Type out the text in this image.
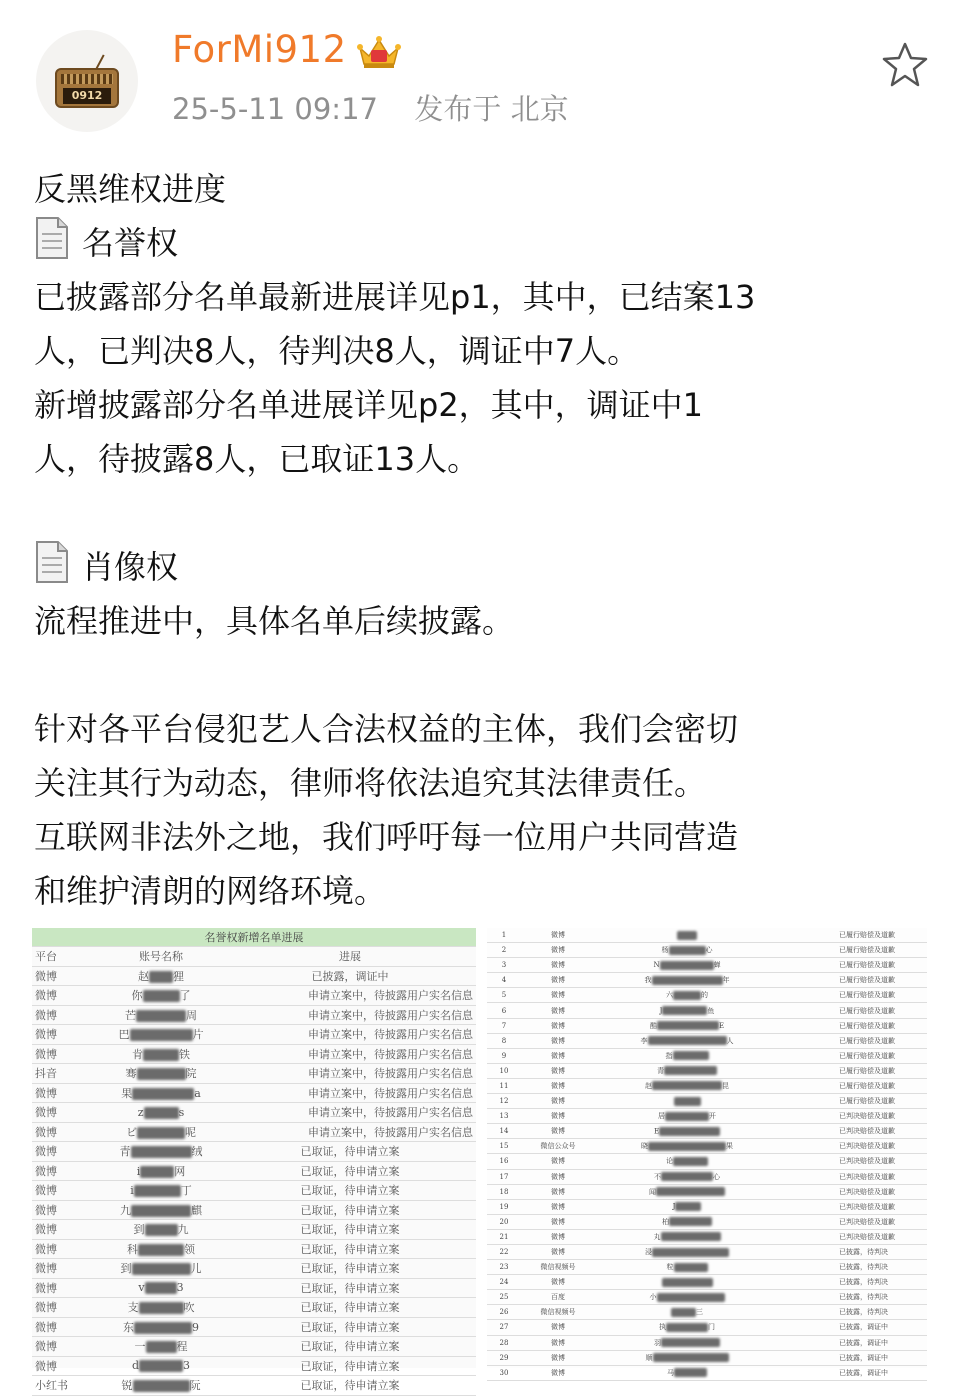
0912
ForMi912
25-5-11 09:17 发布于 北京

反黑维权进度

名誉权

已披露部分名单最新进展详见p1，其中，已结案13

人，已判决8人，待判决8人，调证中7人。

新增披露部分名单进展详见p2，其中，调证中1

人，待披露8人，已取证13人。

肖像权

流程推进中，具体名单后续披露。

针对各平台侵犯艺人合法权益的主体，我们会密切

关注其行为动态，律师将依法追究其法律责任。

互联网非法外之地，我们呼吁每一位用户共同营造

和维护清朗的网络环境。

名誉权新增名单进展		
平台	账号名称	进展
微博	赵 狸	已披露，调证中
微博	你 了	申请立案中，待披露用户实名信息
微博	芒 周	申请立案中，待披露用户实名信息
微博	巴 片	申请立案中，待披露用户实名信息
微博	肯 铁	申请立案中，待披露用户实名信息
抖音	骞 院	申请立案中，待披露用户实名信息
微博	果 a	申请立案中，待披露用户实名信息
微博	z s	申请立案中，待披露用户实名信息
微博	ビ 呢	申请立案中，待披露用户实名信息
微博	青 绒	已取证，待申请立案
微博	i 网	已取证，待申请立案
微博	i 丁	已取证，待申请立案
微博	九 麒	已取证，待申请立案
微博	到 九	已取证，待申请立案
微博	科 领	已取证，待申请立案
微博	到 儿	已取证，待申请立案
微博	v 3	已取证，待申请立案
微博	支 吹	已取证，待申请立案
微博	东 9	已取证，待申请立案
微博	一 程	已取证，待申请立案
微博	d 3	已取证，待申请立案
小红书	锐 阮	已取证，待申请立案
1	微博		已履行赔偿及道歉
2	微博	杨 心	已履行赔偿及道歉
3	微博	N 蝉	已履行赔偿及道歉
4	微博	我 年	已履行赔偿及道歉
5	微博	六 的	已履行赔偿及道歉
6	微博	J 鱼	已履行赔偿及道歉
7	微博	酷 E	已履行赔偿及道歉
8	微博	李 人	已履行赔偿及道歉
9	微博	指	已履行赔偿及道歉
10	微博	青	已履行赔偿及道歉
11	微博	赵 昆	已履行赔偿及道歉
12	微博		已履行赔偿及道歉
13	微博	居 开	已判决赔偿及道歉
14	微博	E	已判决赔偿及道歉
15	微信公众号	晓 果	已判决赔偿及道歉
16	微博	论	已判决赔偿及道歉
17	微博	不 心	已判决赔偿及道歉
18	微博	闻	已判决赔偿及道歉
19	微博	J	已判决赔偿及道歉
20	微博	柏	已判决赔偿及道歉
21	微博	丸	已判决赔偿及道歉
22	微博	浸	已披露，待判决
23	微信视频号	粒	已披露，待判决
24	微博		已披露，待判决
25	百度	小	已披露，待判决
26	微信视频号	三	已披露，待判决
27	微博	执 门	已披露，调证中
28	微博	羽	已披露，调证中
29	微博	顺	已披露，调证中
30	微博	马	已披露，调证中
